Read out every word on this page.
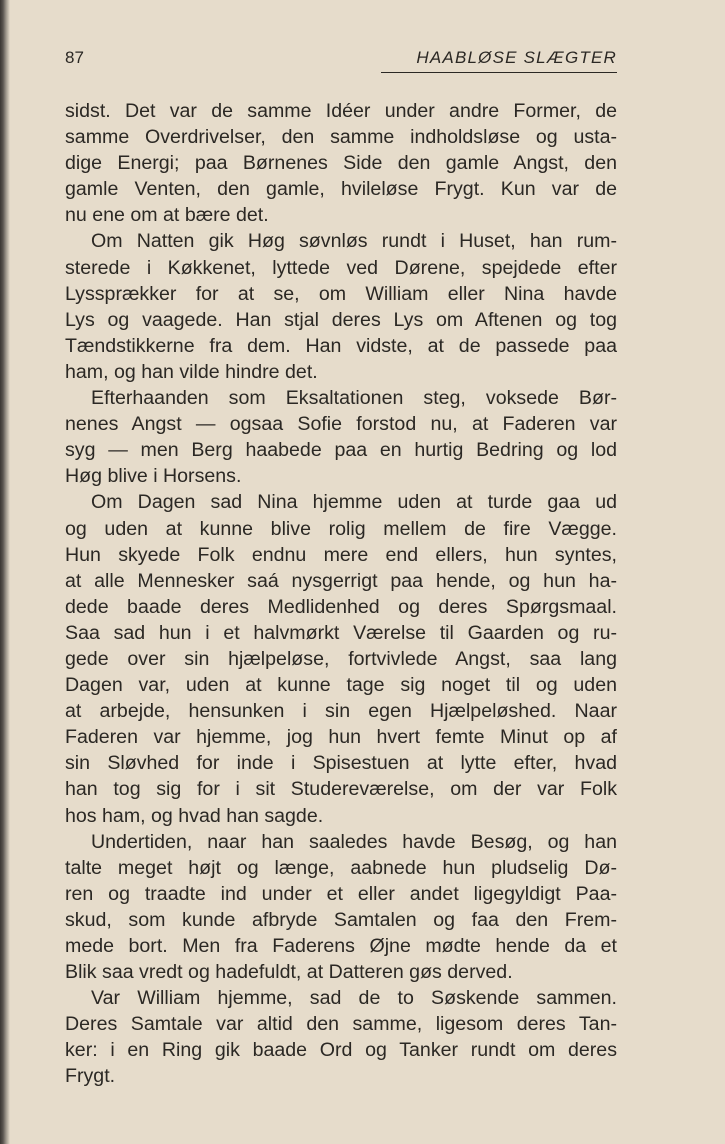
87	HAABLØSE SLÆGTER
sidst. Det var de samme Idéer under andre Former, de
samme Overdrivelser, den samme indholdsløse og usta-
dige Energi; paa Børnenes Side den gamle Angst, den
gamle Venten, den gamle, hvileløse Frygt. Kun var de
nu ene om at bære det.
Om Natten gik Høg søvnløs rundt i Huset, han rum-
sterede i Køkkenet, lyttede ved Dørene, spejdede efter
Lyssprækker for at se, om William eller Nina havde
Lys og vaagede. Han stjal deres Lys om Aftenen og tog
Tændstikkerne fra dem. Han vidste, at de passede paa
ham, og han vilde hindre det.
Efterhaanden som Eksaltationen steg, voksede Bør-
nenes Angst — ogsaa Sofie forstod nu, at Faderen var
syg — men Berg haabede paa en hurtig Bedring og lod
Høg blive i Horsens.
Om Dagen sad Nina hjemme uden at turde gaa ud
og uden at kunne blive rolig mellem de fire Vægge.
Hun skyede Folk endnu mere end ellers, hun syntes,
at alle Mennesker saá nysgerrigt paa hende, og hun ha-
dede baade deres Medlidenhed og deres Spørgsmaal.
Saa sad hun i et halvmørkt Værelse til Gaarden og ru-
gede over sin hjælpeløse, fortvivlede Angst, saa lang
Dagen var, uden at kunne tage sig noget til og uden
at arbejde, hensunken i sin egen Hjælpeløshed. Naar
Faderen var hjemme, jog hun hvert femte Minut op af
sin Sløvhed for inde i Spisestuen at lytte efter, hvad
han tog sig for i sit Studereværelse, om der var Folk
hos ham, og hvad han sagde.
Undertiden, naar han saaledes havde Besøg, og han
talte meget højt og længe, aabnede hun pludselig Dø-
ren og traadte ind under et eller andet ligegyldigt Paa-
skud, som kunde afbryde Samtalen og faa den Frem-
mede bort. Men fra Faderens Øjne mødte hende da et
Blik saa vredt og hadefuldt, at Datteren gøs derved.
Var William hjemme, sad de to Søskende sammen.
Deres Samtale var altid den samme, ligesom deres Tan-
ker: i en Ring gik baade Ord og Tanker rundt om deres
Frygt.
